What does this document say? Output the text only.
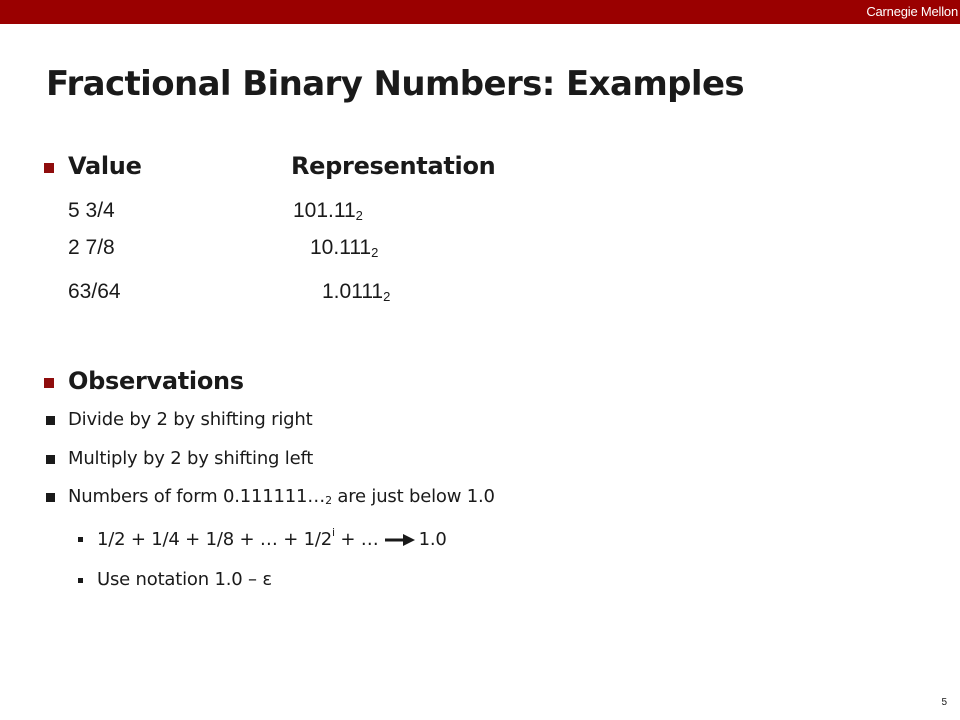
Carnegie Mellon
Fractional Binary Numbers: Examples
Value	Representation
5 3/4	$101.11_2$
2 7/8	$10.111_2$
63/64	$1.0111_2$
Observations
Divide by 2 by shifting right
Multiply by 2 by shifting left
Numbers of form $0.111111\dots_2$ are just below 1.0
1/2 + 1/4 + 1/8 + … + $1/2^i$ + … 1.0
Use notation 1.0 – ε
5
